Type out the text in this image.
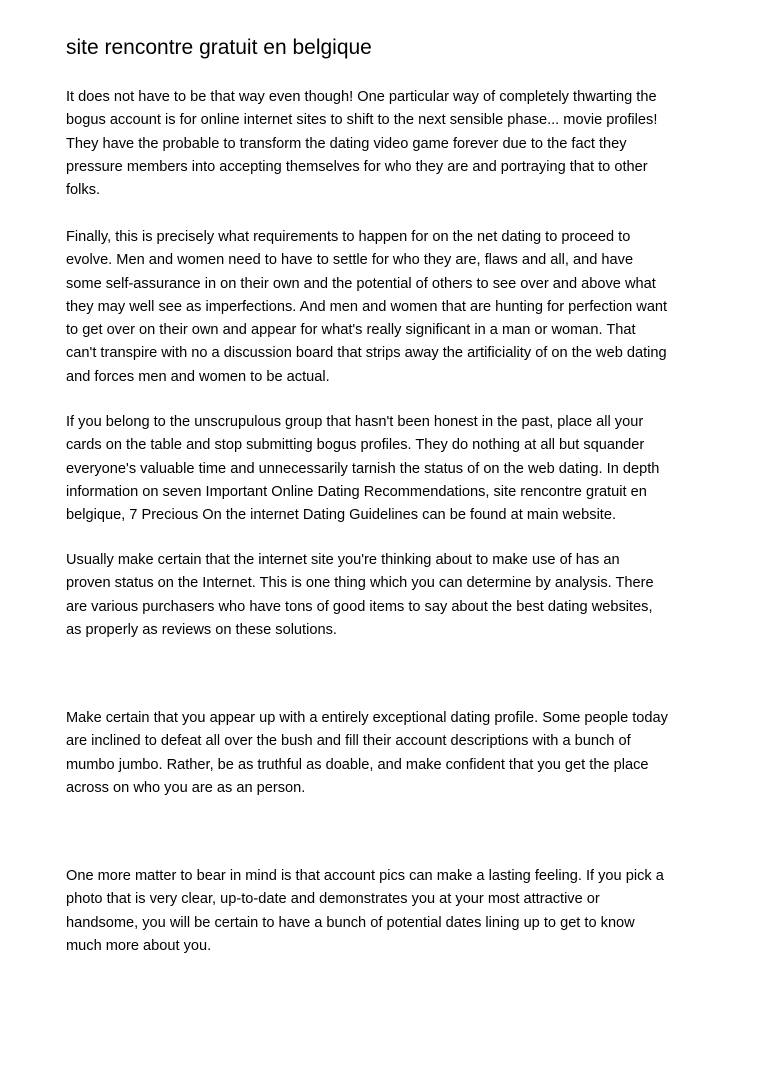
site rencontre gratuit en belgique

It does not have to be that way even though! One particular way of completely thwarting the
bogus account is for online internet sites to shift to the next sensible phase... movie profiles!
They have the probable to transform the dating video game forever due to the fact they
pressure members into accepting themselves for who they are and portraying that to other
folks.

Finally, this is precisely what requirements to happen for on the net dating to proceed to
evolve. Men and women need to have to settle for who they are, flaws and all, and have
some self-assurance in on their own and the potential of others to see over and above what
they may well see as imperfections. And men and women that are hunting for perfection want
to get over on their own and appear for what's really significant in a man or woman. That
can't transpire with no a discussion board that strips away the artificiality of on the web dating
and forces men and women to be actual.

If you belong to the unscrupulous group that hasn't been honest in the past, place all your
cards on the table and stop submitting bogus profiles. They do nothing at all but squander
everyone's valuable time and unnecessarily tarnish the status of on the web dating. In depth
information on seven Important Online Dating Recommendations, site rencontre gratuit en
belgique, 7 Precious On the internet Dating Guidelines can be found at main website.

Usually make certain that the internet site you're thinking about to make use of has an
proven status on the Internet. This is one thing which you can determine by analysis. There
are various purchasers who have tons of good items to say about the best dating websites,
as properly as reviews on these solutions.

Make certain that you appear up with a entirely exceptional dating profile. Some people today
are inclined to defeat all over the bush and fill their account descriptions with a bunch of
mumbo jumbo. Rather, be as truthful as doable, and make confident that you get the place
across on who you are as an person.

One more matter to bear in mind is that account pics can make a lasting feeling. If you pick a
photo that is very clear, up-to-date and demonstrates you at your most attractive or
handsome, you will be certain to have a bunch of potential dates lining up to get to know
much more about you.
